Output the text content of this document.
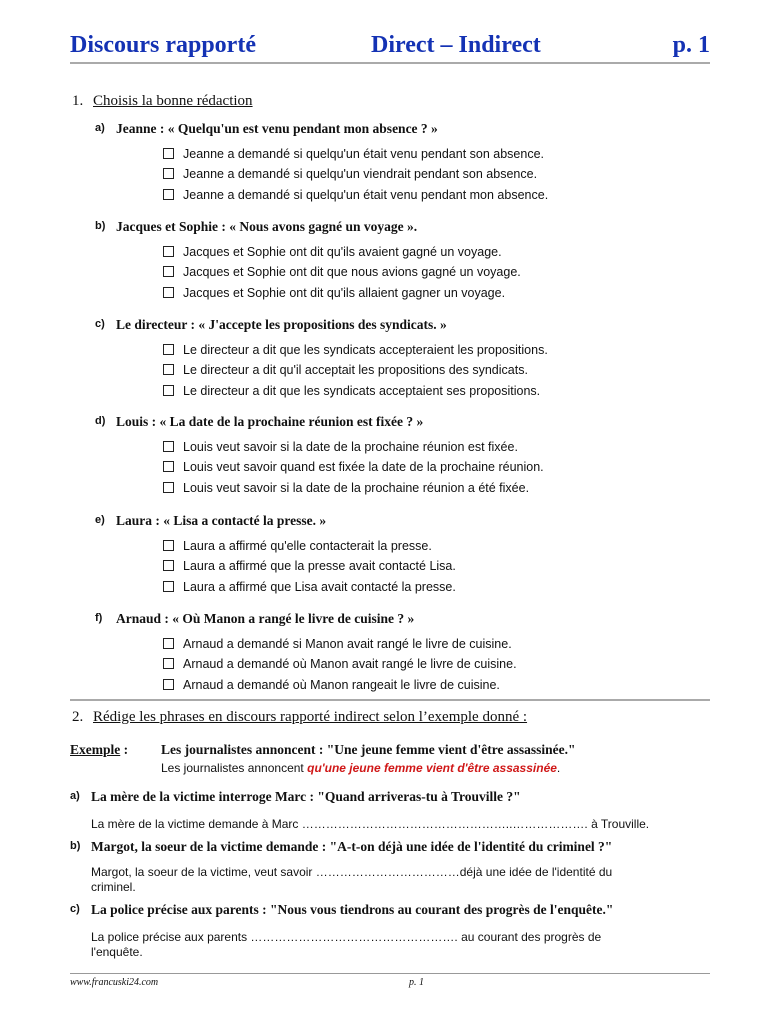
Discours rapporté	Direct – Indirect	p. 1
1. Choisis la bonne rédaction
a) Jeanne : « Quelqu'un est venu pendant mon absence ? »
Jeanne a demandé si quelqu'un était venu pendant son absence.
Jeanne a demandé si quelqu'un viendrait pendant son absence.
Jeanne a demandé si quelqu'un était venu pendant mon absence.
b) Jacques et Sophie : « Nous avons gagné un voyage ».
Jacques et Sophie ont dit qu'ils avaient gagné un voyage.
Jacques et Sophie ont dit que nous avions gagné un voyage.
Jacques et Sophie ont dit qu'ils allaient gagner un voyage.
c) Le directeur : « J'accepte les propositions des syndicats. »
Le directeur a dit que les syndicats accepteraient les propositions.
Le directeur a dit qu'il acceptait les propositions des syndicats.
Le directeur a dit que les syndicats acceptaient ses propositions.
d) Louis : « La date de la prochaine réunion est fixée ? »
Louis veut savoir si la date de la prochaine réunion est fixée.
Louis veut savoir quand est fixée la date de la prochaine réunion.
Louis veut savoir si la date de la prochaine réunion a été fixée.
e) Laura : « Lisa a contacté la presse. »
Laura a affirmé qu'elle contacterait la presse.
Laura a affirmé que la presse avait contacté Lisa.
Laura a affirmé que Lisa avait contacté la presse.
f) Arnaud : « Où Manon a rangé le livre de cuisine ? »
Arnaud a demandé si Manon avait rangé le livre de cuisine.
Arnaud a demandé où Manon avait rangé le livre de cuisine.
Arnaud a demandé où Manon rangeait le livre de cuisine.
2. Rédige les phrases en discours rapporté indirect selon l’exemple donné :
Exemple : Les journalistes annoncent : "Une jeune femme vient d'être assassinée."
Les journalistes annoncent qu'une jeune femme vient d'être assassinée.
a) La mère de la victime interroge Marc : "Quand arriveras-tu à Trouville ?"
La mère de la victime demande à Marc ……………………………………………..………………. à Trouville.
b) Margot, la soeur de la victime demande : "A-t-on déjà une idée de l'identité du criminel ?"
Margot, la soeur de la victime, veut savoir ………………………………déjà une idée de l'identité du
criminel.
c) La police précise aux parents : "Nous vous tiendrons au courant des progrès de l'enquête."
La police précise aux parents ……………………………………………. au courant des progrès de
l'enquête.
www.francuski24.com	p. 1
